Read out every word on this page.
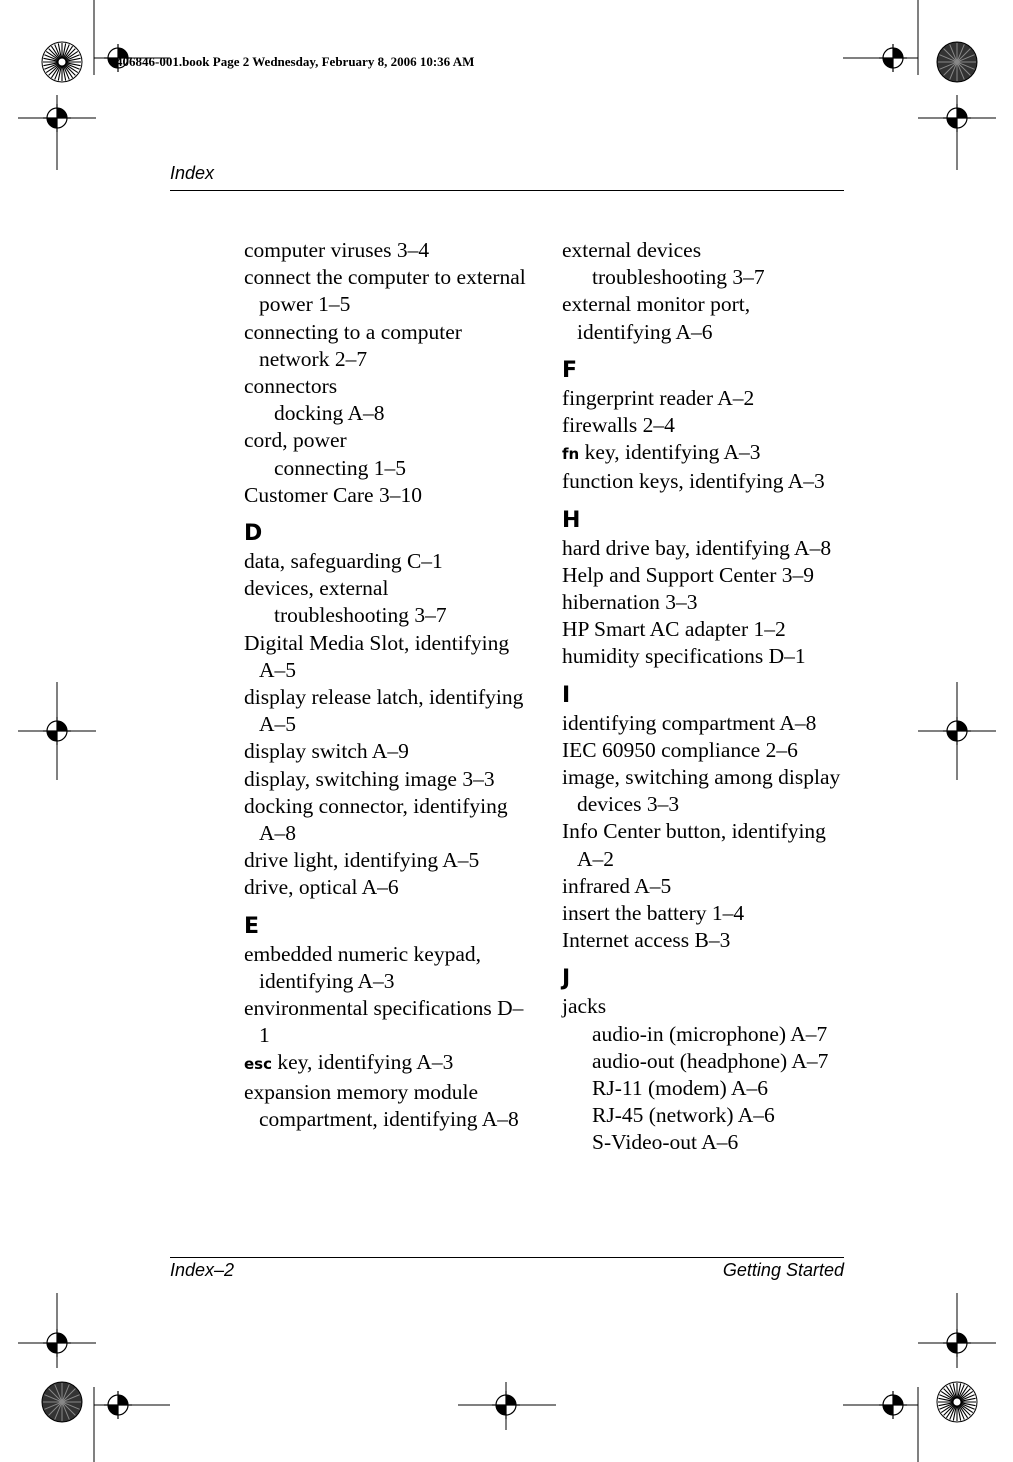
406846-001.book Page 2 Wednesday, February 8, 2006 10:36 AM
Index
computer viruses 3–4
connect the computer to external power 1–5
connecting to a computer network 2–7
connectors
docking A–8
cord, power
connecting 1–5
Customer Care 3–10
D
data, safeguarding C–1
devices, external
troubleshooting 3–7
Digital Media Slot, identifying A–5
display release latch, identifying A–5
display switch A–9
display, switching image 3–3
docking connector, identifying A–8
drive light, identifying A–5
drive, optical A–6
E
embedded numeric keypad, identifying A–3
environmental specifications D–1
esc key, identifying A–3
expansion memory module compartment, identifying A–8
external devices
troubleshooting 3–7
external monitor port, identifying A–6
F
fingerprint reader A–2
firewalls 2–4
fn key, identifying A–3
function keys, identifying A–3
H
hard drive bay, identifying A–8
Help and Support Center 3–9
hibernation 3–3
HP Smart AC adapter 1–2
humidity specifications D–1
I
identifying compartment A–8
IEC 60950 compliance 2–6
image, switching among display devices 3–3
Info Center button, identifying A–2
infrared A–5
insert the battery 1–4
Internet access B–3
J
jacks
audio-in (microphone) A–7
audio-out (headphone) A–7
RJ-11 (modem) A–6
RJ-45 (network) A–6
S-Video-out A–6
Index–2	Getting Started
